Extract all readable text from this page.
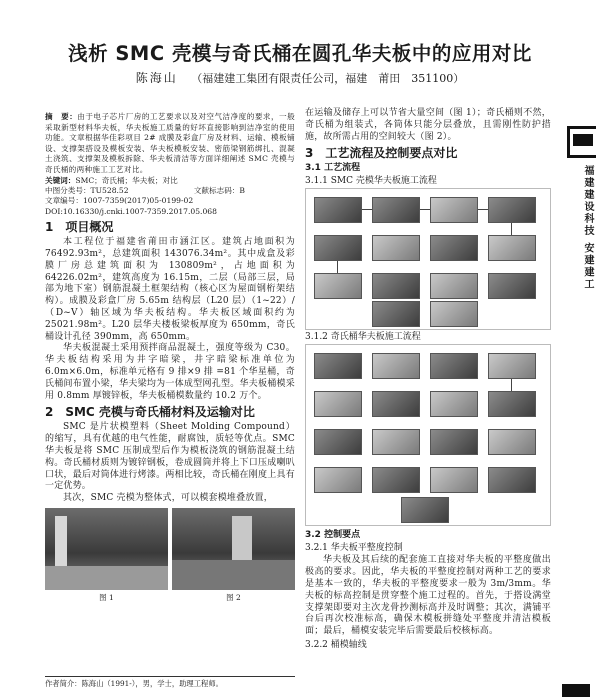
浅析 SMC 壳模与奇氏桶在圆孔华夫板中的应用对比
陈海山 （福建建工集团有限责任公司，福建　莆田　351100）
摘　要：由于电子芯片厂房的工艺要求以及对空气洁净度的要求，一般采取新型材料华夫板，华夫板施工质量的好坏直接影响到洁净室的使用功能。文章根据华佳彩项目 2# 成膜及彩盒厂房及材料、运输、模板铺设、支撑架搭设及模板安装、华夫板模板安装、密筋梁钢筋绑扎、混凝土浇筑、支撑架及模板拆除、华夫板清洁等方面详细阐述 SMC 壳模与奇氏桶的两种施工工艺对比。
关键词：SMC；奇氏桶；华夫板；对比
中图分类号：TU528.52	文献标志码：B
文章编号：1007-7359(2017)05-0199-02
DOI:10.16330/j.cnki.1007-7359.2017.05.068
1　项目概况

本工程位于福建省莆田市涵江区。建筑占地面积为 76492.93m²，总建筑面积 143076.34m²。其中成盒及彩膜厂房总建筑面积为 130809m²，占地面积为 64226.02m²，建筑高度为 16.15m，二层（局部三层，局部为地下室）钢筋混凝土框架结构（核心区为屋面钢桁架结构）。成膜及彩盒厂房 5.65m 结构层（L20 层）（1~22）/（D~V）轴区域为华夫板结构。华夫板区域面积约为 25021.98m²。L20 层华夫楼板梁板厚度为 650mm，奇氏桶设计孔径 390mm，高 650mm。

华夫板混凝土采用预拌商品混凝土，强度等级为 C30。华夫板结构采用为井字暗梁，井字暗梁标准单位为 6.0m×6.0m，标准单元格有 9 排×9 排 =81 个华星桶，奇氏桶间布置小梁，华夫梁均为一体成型网孔型。华夫板桶模采用 0.8mm 厚镀锌板，华夫板桶模数量约 10.2 万个。

2　SMC 壳模与奇氏桶材料及运输对比

SMC 是片状模塑料（Sheet Molding Compound）的缩写，具有优越的电气性能，耐腐蚀，质轻等优点。SMC 华夫板是将 SMC 压制成型后作为模板浇筑的钢筋混凝土结构。奇氏桶材质则为镀锌钢板，卷成圆筒并将上下口压成喇叭口状，最后对筒体进行烤漆。两相比较，奇氏桶在刚度上具有一定优势。

其次，SMC 壳模为整体式，可以模套模堆叠放置，

图 1	图 2

在运输及储存上可以节省大量空间（图 1）；奇氏桶则不然，奇氏桶为组装式，各筒体只能分层叠放，且需刚性防护措施，故所需占用的空间较大（图 2）。

3　工艺流程及控制要点对比
3.1 工艺流程
3.1.1 SMC 壳模华夫板施工流程
3.1.2 奇氏桶华夫板施工流程
3.2 控制要点
3.2.1 华夫板平整度控制

华夫板及其后续的配套施工直接对华夫板的平整度做出极高的要求。因此，华夫板的平整度控制对两种工艺的要求是基本一致的，华夫板的平整度要求一般为 3m/3mm。华夫板的标高控制是贯穿整个施工过程的。首先，于搭设满堂支撑架即要对主次龙骨抄测标高并及时调整；其次，满铺平台后再次校准标高，确保木模板拼缝处平整度并清洁模板面；最后，桶模安装完毕后需要最后校核标高。

3.2.2 桶模轴线
福建建设科技 安建建工
作者简介：陈海山（1991-），男，学士，助理工程师。
